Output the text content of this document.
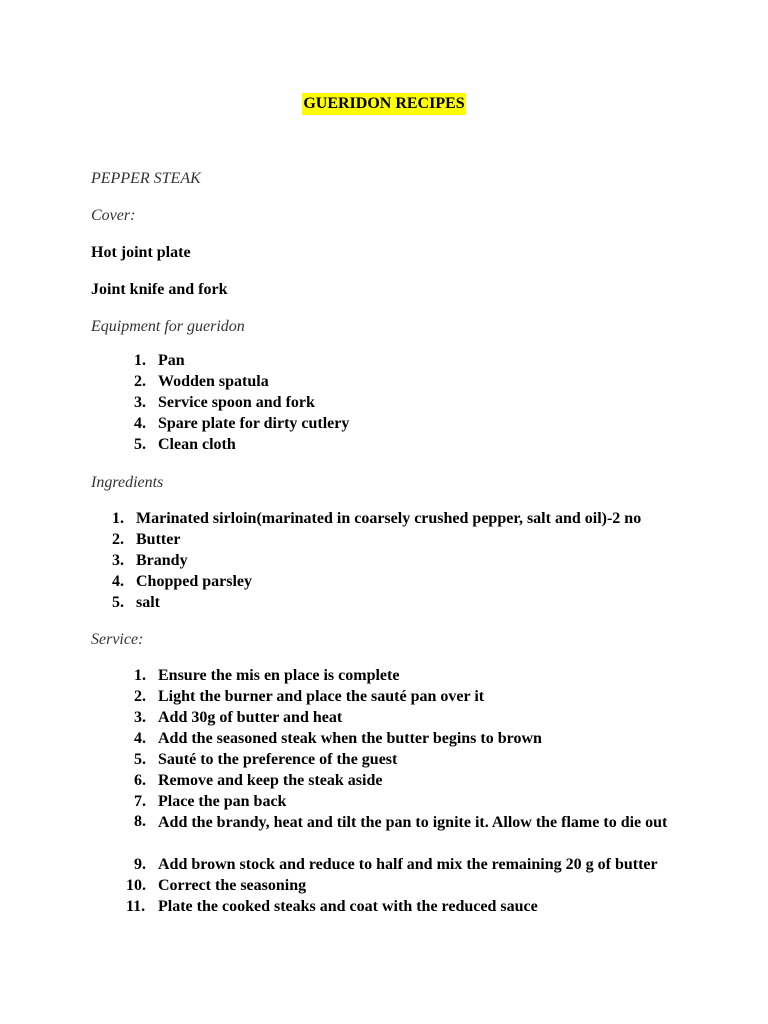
GUERIDON RECIPES
PEPPER STEAK
Cover:
Hot joint plate
Joint knife and fork
Equipment for gueridon
1. Pan
2. Wodden spatula
3. Service spoon and fork
4. Spare plate for dirty cutlery
5. Clean cloth
Ingredients
1. Marinated sirloin(marinated in coarsely crushed pepper, salt and oil)-2 no
2. Butter
3. Brandy
4. Chopped parsley
5. salt
Service:
1. Ensure the mis en place is complete
2. Light the burner and place the sauté pan over it
3. Add 30g of butter and heat
4. Add the seasoned steak when the butter begins to brown
5. Sauté to the preference of the guest
6. Remove and keep the steak aside
7. Place the pan back
8. Add the brandy, heat and tilt the pan to ignite it. Allow the flame to die out
9. Add brown stock and reduce to half and mix the remaining 20 g of butter
10. Correct the seasoning
11. Plate the cooked steaks and coat with the reduced sauce
